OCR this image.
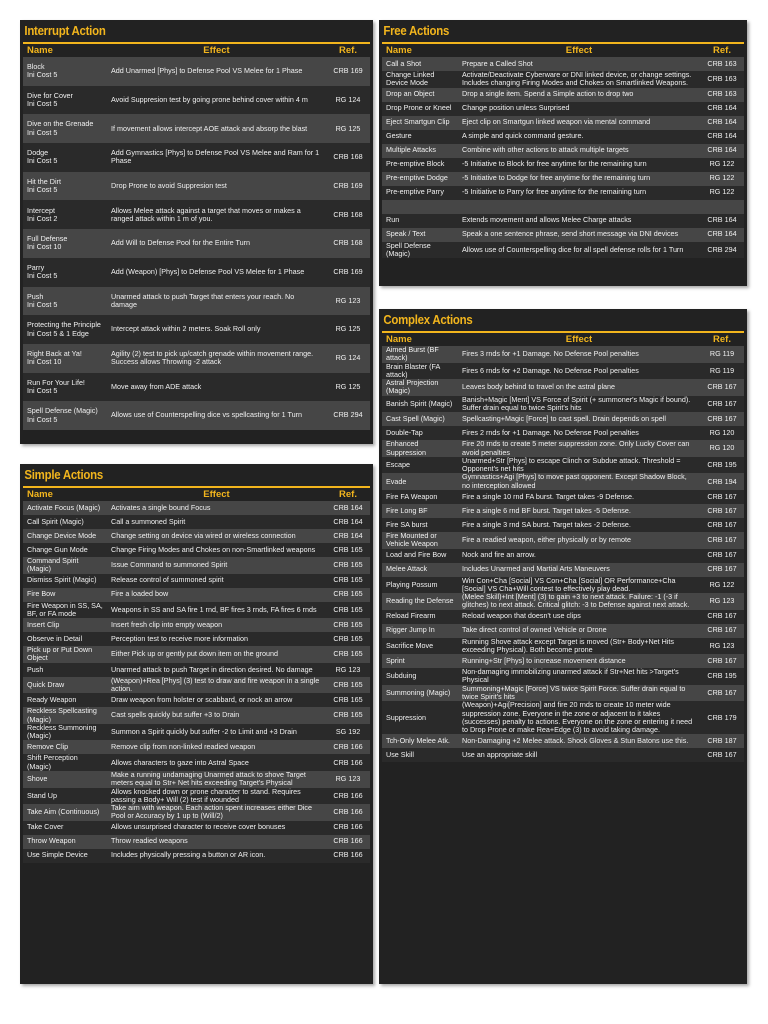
Interrupt Action
Name	Effect	Ref.
Block
Ini Cost 5	Add Unarmed [Phys] to Defense Pool VS Melee for 1 Phase	CRB 169
Dive for Cover
Ini Cost 5	Avoid Suppresion test by going prone behind cover within 4 m	RG 124
Dive on the Grenade
Ini Cost 5	If movement allows intercept AOE attack and absorp the blast	RG 125
Dodge
Ini Cost 5	Add Gymnastics [Phys] to Defense Pool VS Melee and Ram for 1 Phase	CRB 168
Hit the Dirt
Ini Cost 5	Drop Prone to avoid Suppresion test	CRB 169
Intercept
Ini Cost 2	Allows Melee attack against a target that moves or makes a ranged attack within 1 m of you.	CRB 168
Full Defense
Ini Cost 10	Add Will to Defense Pool for the Entire Turn	CRB 168
Parry
Ini Cost 5	Add (Weapon) [Phys] to Defense Pool VS Melee for 1 Phase	CRB 169
Push
Ini Cost 5	Unarmed attack to push Target that enters your reach. No damage	RG 123
Protecting the Principle
Ini Cost 5 & 1 Edge	Intercept attack within 2 meters. Soak Roll only	RG 125
Right Back at Ya!
Ini Cost 10	Agility (2) test to pick up/catch grenade within movement range. Success allows Throwing -2 attack	RG 124
Run For Your Life!
Ini Cost 5	Move away from ADE attack	RG 125
Spell Defense (Magic)
Ini Cost 5	Allows use of Counterspelling dice vs spellcasting for 1 Turn	CRB 294
Simple Actions
Name	Effect	Ref.
Activate Focus (Magic)	Activates a single bound Focus	CRB 164
Call Spirit (Magic)	Call a summoned Spirit	CRB 164
Change Device Mode	Change setting on device via wired or wireless connection	CRB 164
Change Gun Mode	Change Firing Modes and Chokes on non-Smartlinked weapons	CRB 165
Command Spirit (Magic)	Issue Command to summoned Spirit	CRB 165
Dismiss Spirit (Magic)	Release control of summoned spirit	CRB 165
Fire Bow	Fire a loaded bow	CRB 165
Fire Weapon in SS, SA, BF, or FA mode	Weapons in SS and SA fire 1 rnd, BF fires 3 rnds, FA fires 6 rnds	CRB 165
Insert Clip	Insert fresh clip into empty weapon	CRB 165
Observe in Detail	Perception test to receive more information	CRB 165
Pick up or Put Down Object	Either Pick up or gently put down item on the ground	CRB 165
Push	Unarmed attack to push Target in direction desired. No damage	RG 123
Quick Draw	(Weapon)+Rea [Phys] (3) test to draw and fire weapon in a single action.	CRB 165
Ready Weapon	Draw weapon from holster or scabbard, or nock an arrow	CRB 165
Reckless Spellcasting (Magic)	Cast spells quickly but suffer +3 to Drain	CRB 165
Reckless Summoning (Magic)	Summon a Spirit quickly but suffer -2 to Limit and +3 Drain	SG 192
Remove Clip	Remove clip from non-linked readied weapon	CRB 166
Shift Perception (Magic)	Allows characters to gaze into Astral Space	CRB 166
Shove	Make a running undamaging Unarmed attack to shove Target meters equal to Str+ Net hits exceeding Target's Physical	RG 123
Stand Up	Allows knocked down or prone character to stand. Requires passing a Body+ Will (2) test if wounded	CRB 166
Take Aim (Continuous)	Take aim with weapon. Each action spent increases either Dice Pool or Accuracy by 1 up to (Will/2)	CRB 166
Take Cover	Allows unsurprised character to receive cover bonuses	CRB 166
Throw Weapon	Throw readied weapons	CRB 166
Use Simple Device	Includes physically pressing a button or AR icon.	CRB 166
Free Actions
Name	Effect	Ref.
Call a Shot	Prepare a Called Shot	CRB 163
Change Linked Device Mode	Activate/Deactivate Cyberware or DNI linked device, or change settings. Includes changing Firing Modes and Chokes on Smartlinked Weapons.	CRB 163
Drop an Object	Drop a single item. Spend a Simple action to drop two	CRB 163
Drop Prone or Kneel	Change position unless Surprised	CRB 164
Eject Smartgun Clip	Eject clip on Smartgun linked weapon via mental command	CRB 164
Gesture	A simple and quick command gesture.	CRB 164
Multiple Attacks	Combine with other actions to attack multiple targets	CRB 164
Pre-emptive Block	-5 Initiative to Block for free anytime for the remaining turn	RG 122
Pre-emptive Dodge	-5 Initiative to Dodge for free anytime for the remaining turn	RG 122
Pre-emptive Parry	-5 Initiative to Parry for free anytime for the remaining turn	RG 122

Run	Extends movement and allows Melee Charge attacks	CRB 164
Speak / Text	Speak a one sentence phrase, send short message via DNI devices	CRB 164
Spell Defense (Magic)	Allows use of Counterspelling dice for all spell defense rolls for 1 Turn	CRB 294
Complex Actions
Name	Effect	Ref.
Aimed Burst (BF attack)	Fires 3 rnds for +1 Damage. No Defense Pool penalties	RG 119
Brain Blaster (FA attack)	Fires 6 rnds for +2 Damage. No Defense Pool penalties	RG 119
Astral Projection (Magic)	Leaves body behind to travel on the astral plane	CRB 167
Banish Spirit (Magic)	Banish+Magic [Ment] VS Force of Spirit (+ summoner's Magic if bound). Suffer drain equal to twice Spirit's hits	CRB 167
Cast Spell (Magic)	Spellcasting+Magic [Force] to cast spell. Drain depends on spell	CRB 167
Double-Tap	Fires 2 rnds for +1 Damage. No Defense Pool penalties	RG 120
Enhanced Suppression	Fire 20 rnds to create 5 meter suppression zone. Only Lucky Cover can avoid penalties	RG 120
Escape	Unarmed+Str [Phys] to escape Clinch or Subdue attack. Threshold = Opponent's net hits	CRB 195
Evade	Gymnastics+Agi [Phys] to move past opponent. Except Shadow Block, no interception allowed	CRB 194
Fire FA Weapon	Fire a single 10 rnd FA burst. Target takes -9 Defense.	CRB 167
Fire Long BF	Fire a single 6 rnd BF burst. Target takes -5 Defense.	CRB 167
Fire SA burst	Fire a single 3 rnd SA burst. Target takes -2 Defense.	CRB 167
Fire Mounted or Vehicle Weapon	Fire a readied weapon, either physically or by remote	CRB 167
Load and Fire Bow	Nock and fire an arrow.	CRB 167
Melee Attack	Includes Unarmed and Martial Arts Maneuvers	CRB 167
Playing Possum	Win Con+Cha [Social] VS Con+Cha [Social] OR Performance+Cha [Social] VS Cha+Will contest to effectively play dead.	RG 122
Reading the Defense	(Melee Skill)+Int [Ment] (3) to gain +3 to next attack. Failure: -1 (-3 if glitches) to next attack. Critical glitch: -3 to Defense against next attack.	RG 123
Reload Firearm	Reload weapon that doesn't use clips	CRB 167
Rigger Jump In	Take direct control of owned Vehicle or Drone	CRB 167
Sacrifice Move	Running Shove attack except Target is moved (Str+ Body+Net Hits exceeding Physical). Both become prone	RG 123
Sprint	Running+Str [Phys] to increase movement distance	CRB 167
Subduing	Non-damaging immobilizing unarmed attack if Str+Net hits >Target's Physical	CRB 195
Summoning (Magic)	Summoning+Magic [Force] VS twice Spirit Force. Suffer drain equal to twice Spirit's hits	CRB 167
Suppression	(Weapon)+Agi[Precision] and fire 20 rnds to create 10 meter wide suppression zone. Everyone in the zone or adjacent to it takes (successes) penalty to actions. Everyone on the zone or entering it need to Drop Prone or make Rea+Edge (3) to avoid taking damage.	CRB 179
Tch-Only Melee Atk.	Non-Damaging +2 Melee attack. Shock Gloves & Stun Batons use this.	CRB 187
Use Skill	Use an appropriate skill	CRB 167
